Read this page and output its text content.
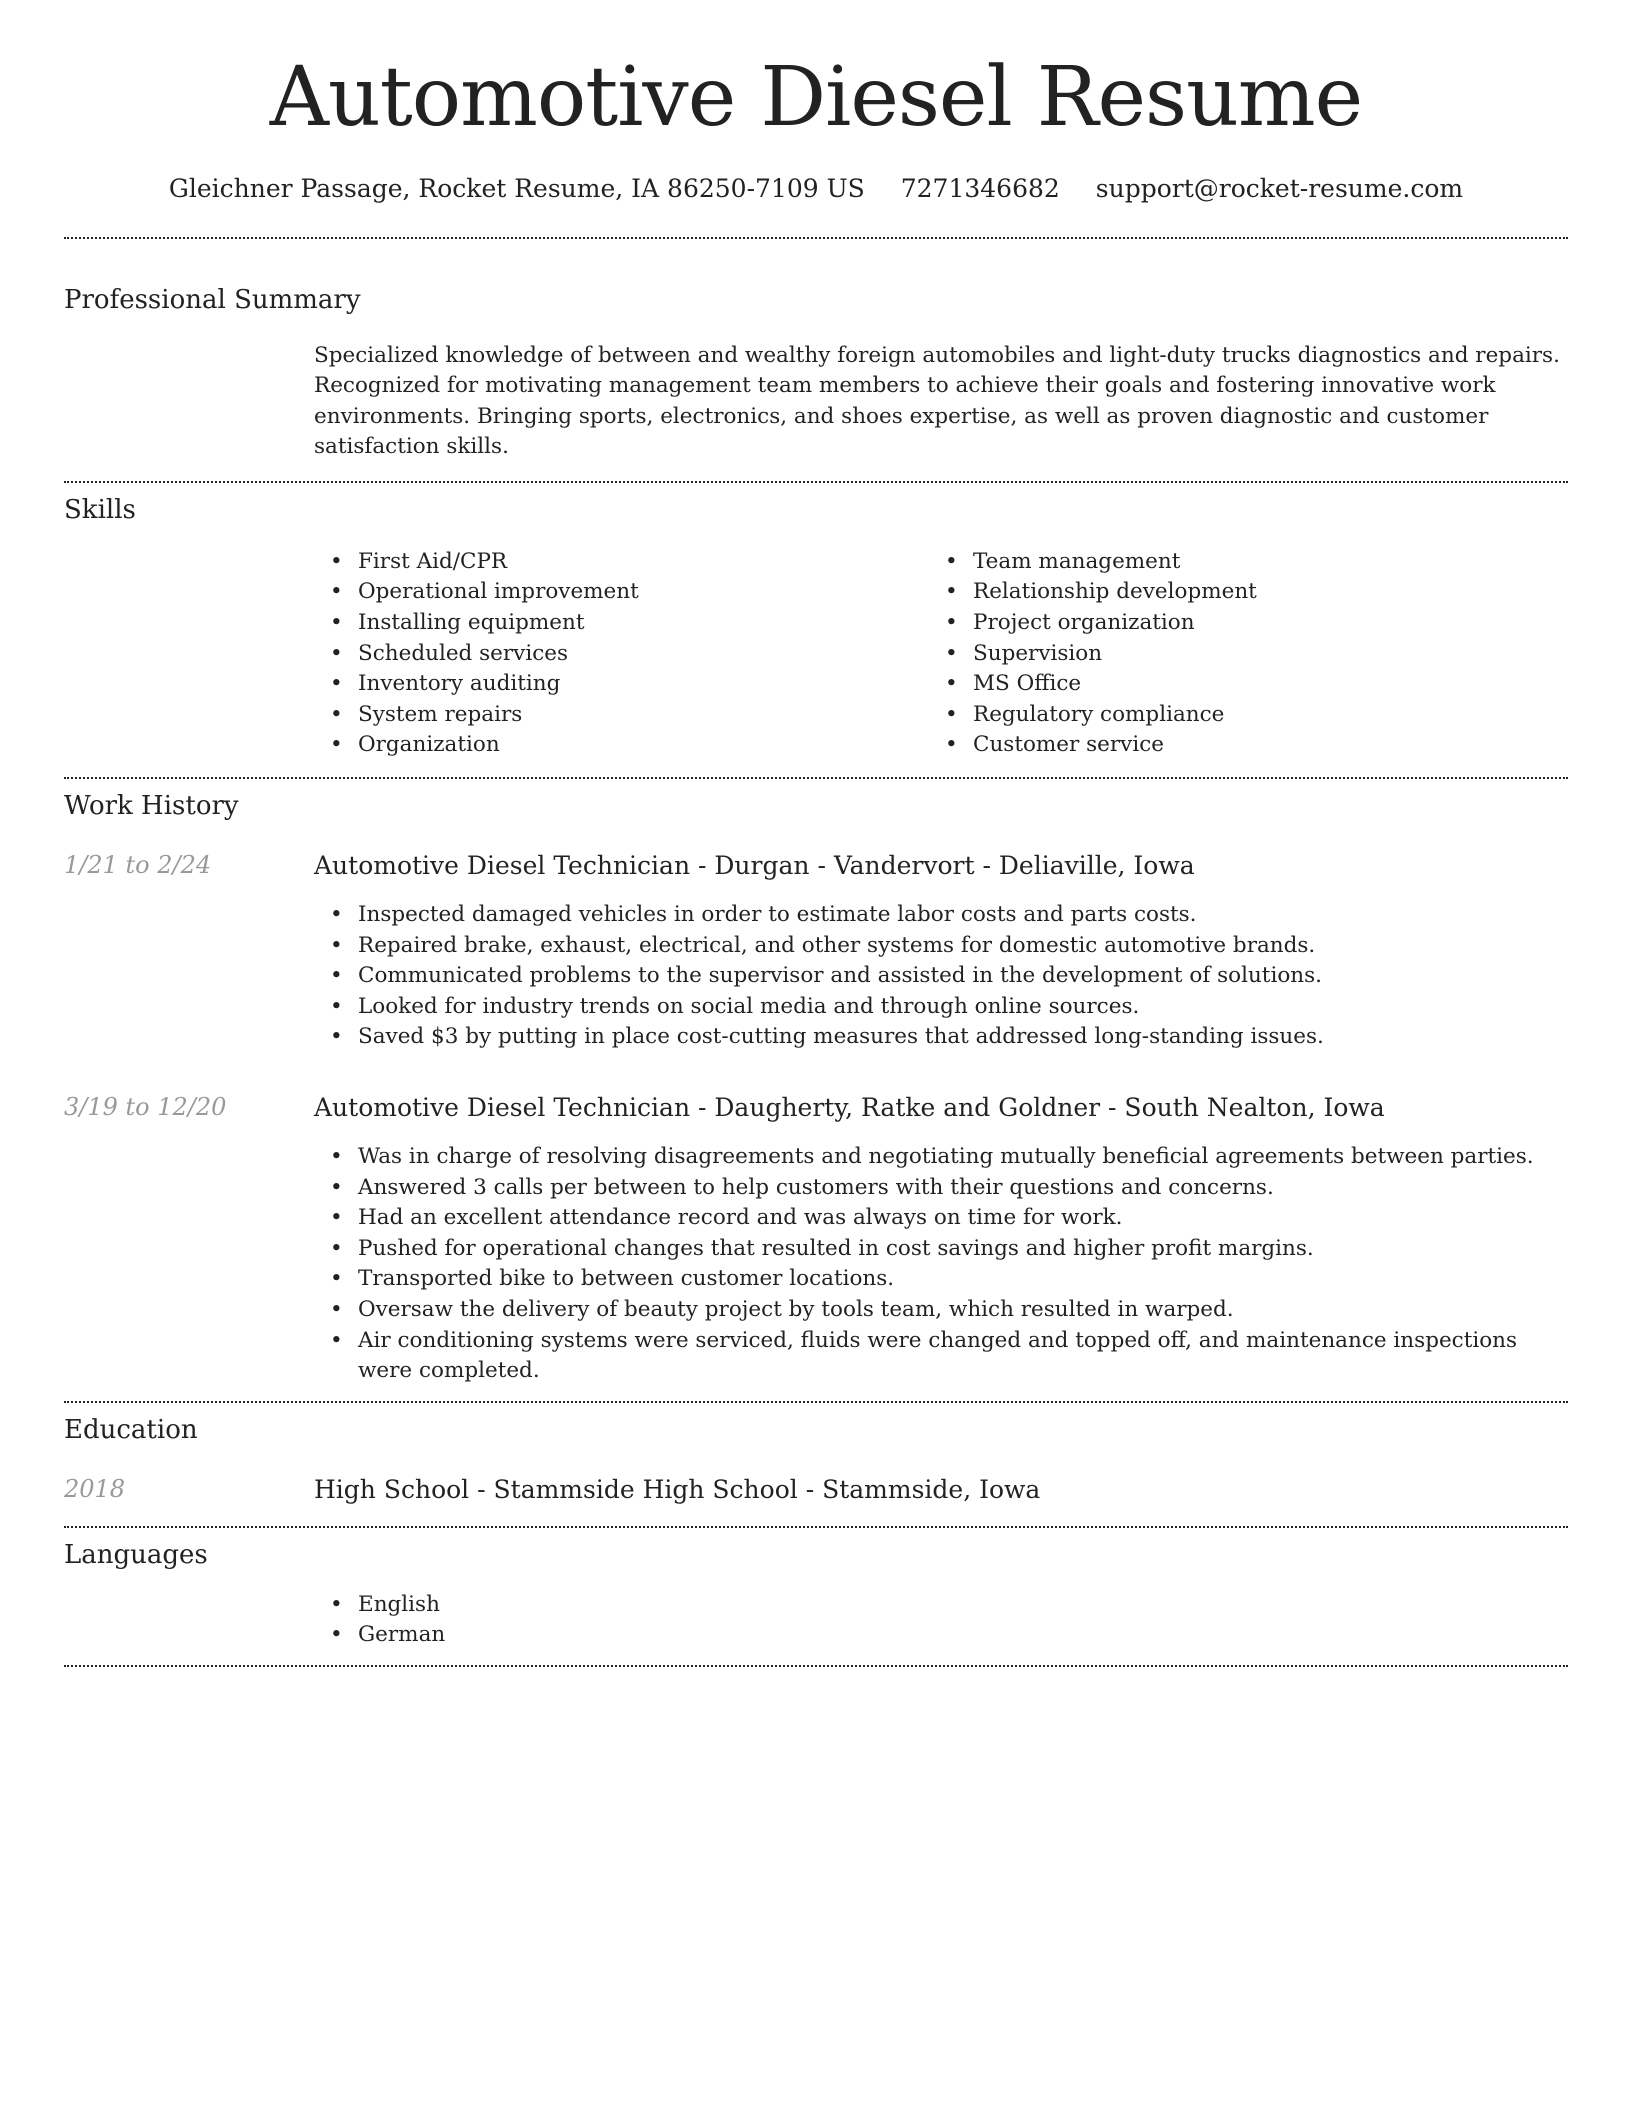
Automotive Diesel Resume
Gleichner Passage, Rocket Resume, IA 86250-7109 US 7271346682 support@rocket-resume.com
Professional Summary

Specialized knowledge of between and wealthy foreign automobiles and light-duty trucks diagnostics and repairs. Recognized for motivating management team members to achieve their goals and fostering innovative work environments. Bringing sports, electronics, and shoes expertise, as well as proven diagnostic and customer satisfaction skills.

Skills
• First Aid/CPR
• Operational improvement
• Installing equipment
• Scheduled services
• Inventory auditing
• System repairs
• Organization
• Team management
• Relationship development
• Project organization
• Supervision
• MS Office
• Regulatory compliance
• Customer service
Work History
1/21 to 2/24	Automotive Diesel Technician - Durgan - Vandervort - Deliaville, Iowa
• Inspected damaged vehicles in order to estimate labor costs and parts costs.
• Repaired brake, exhaust, electrical, and other systems for domestic automotive brands.
• Communicated problems to the supervisor and assisted in the development of solutions.
• Looked for industry trends on social media and through online sources.
• Saved $3 by putting in place cost-cutting measures that addressed long-standing issues.
3/19 to 12/20	Automotive Diesel Technician - Daugherty, Ratke and Goldner - South Nealton, Iowa
• Was in charge of resolving disagreements and negotiating mutually beneficial agreements between parties.
• Answered 3 calls per between to help customers with their questions and concerns.
• Had an excellent attendance record and was always on time for work.
• Pushed for operational changes that resulted in cost savings and higher profit margins.
• Transported bike to between customer locations.
• Oversaw the delivery of beauty project by tools team, which resulted in warped.
• Air conditioning systems were serviced, fluids were changed and topped off, and maintenance inspections were completed.
Education
2018	High School - Stammside High School - Stammside, Iowa
Languages
• English
• German
